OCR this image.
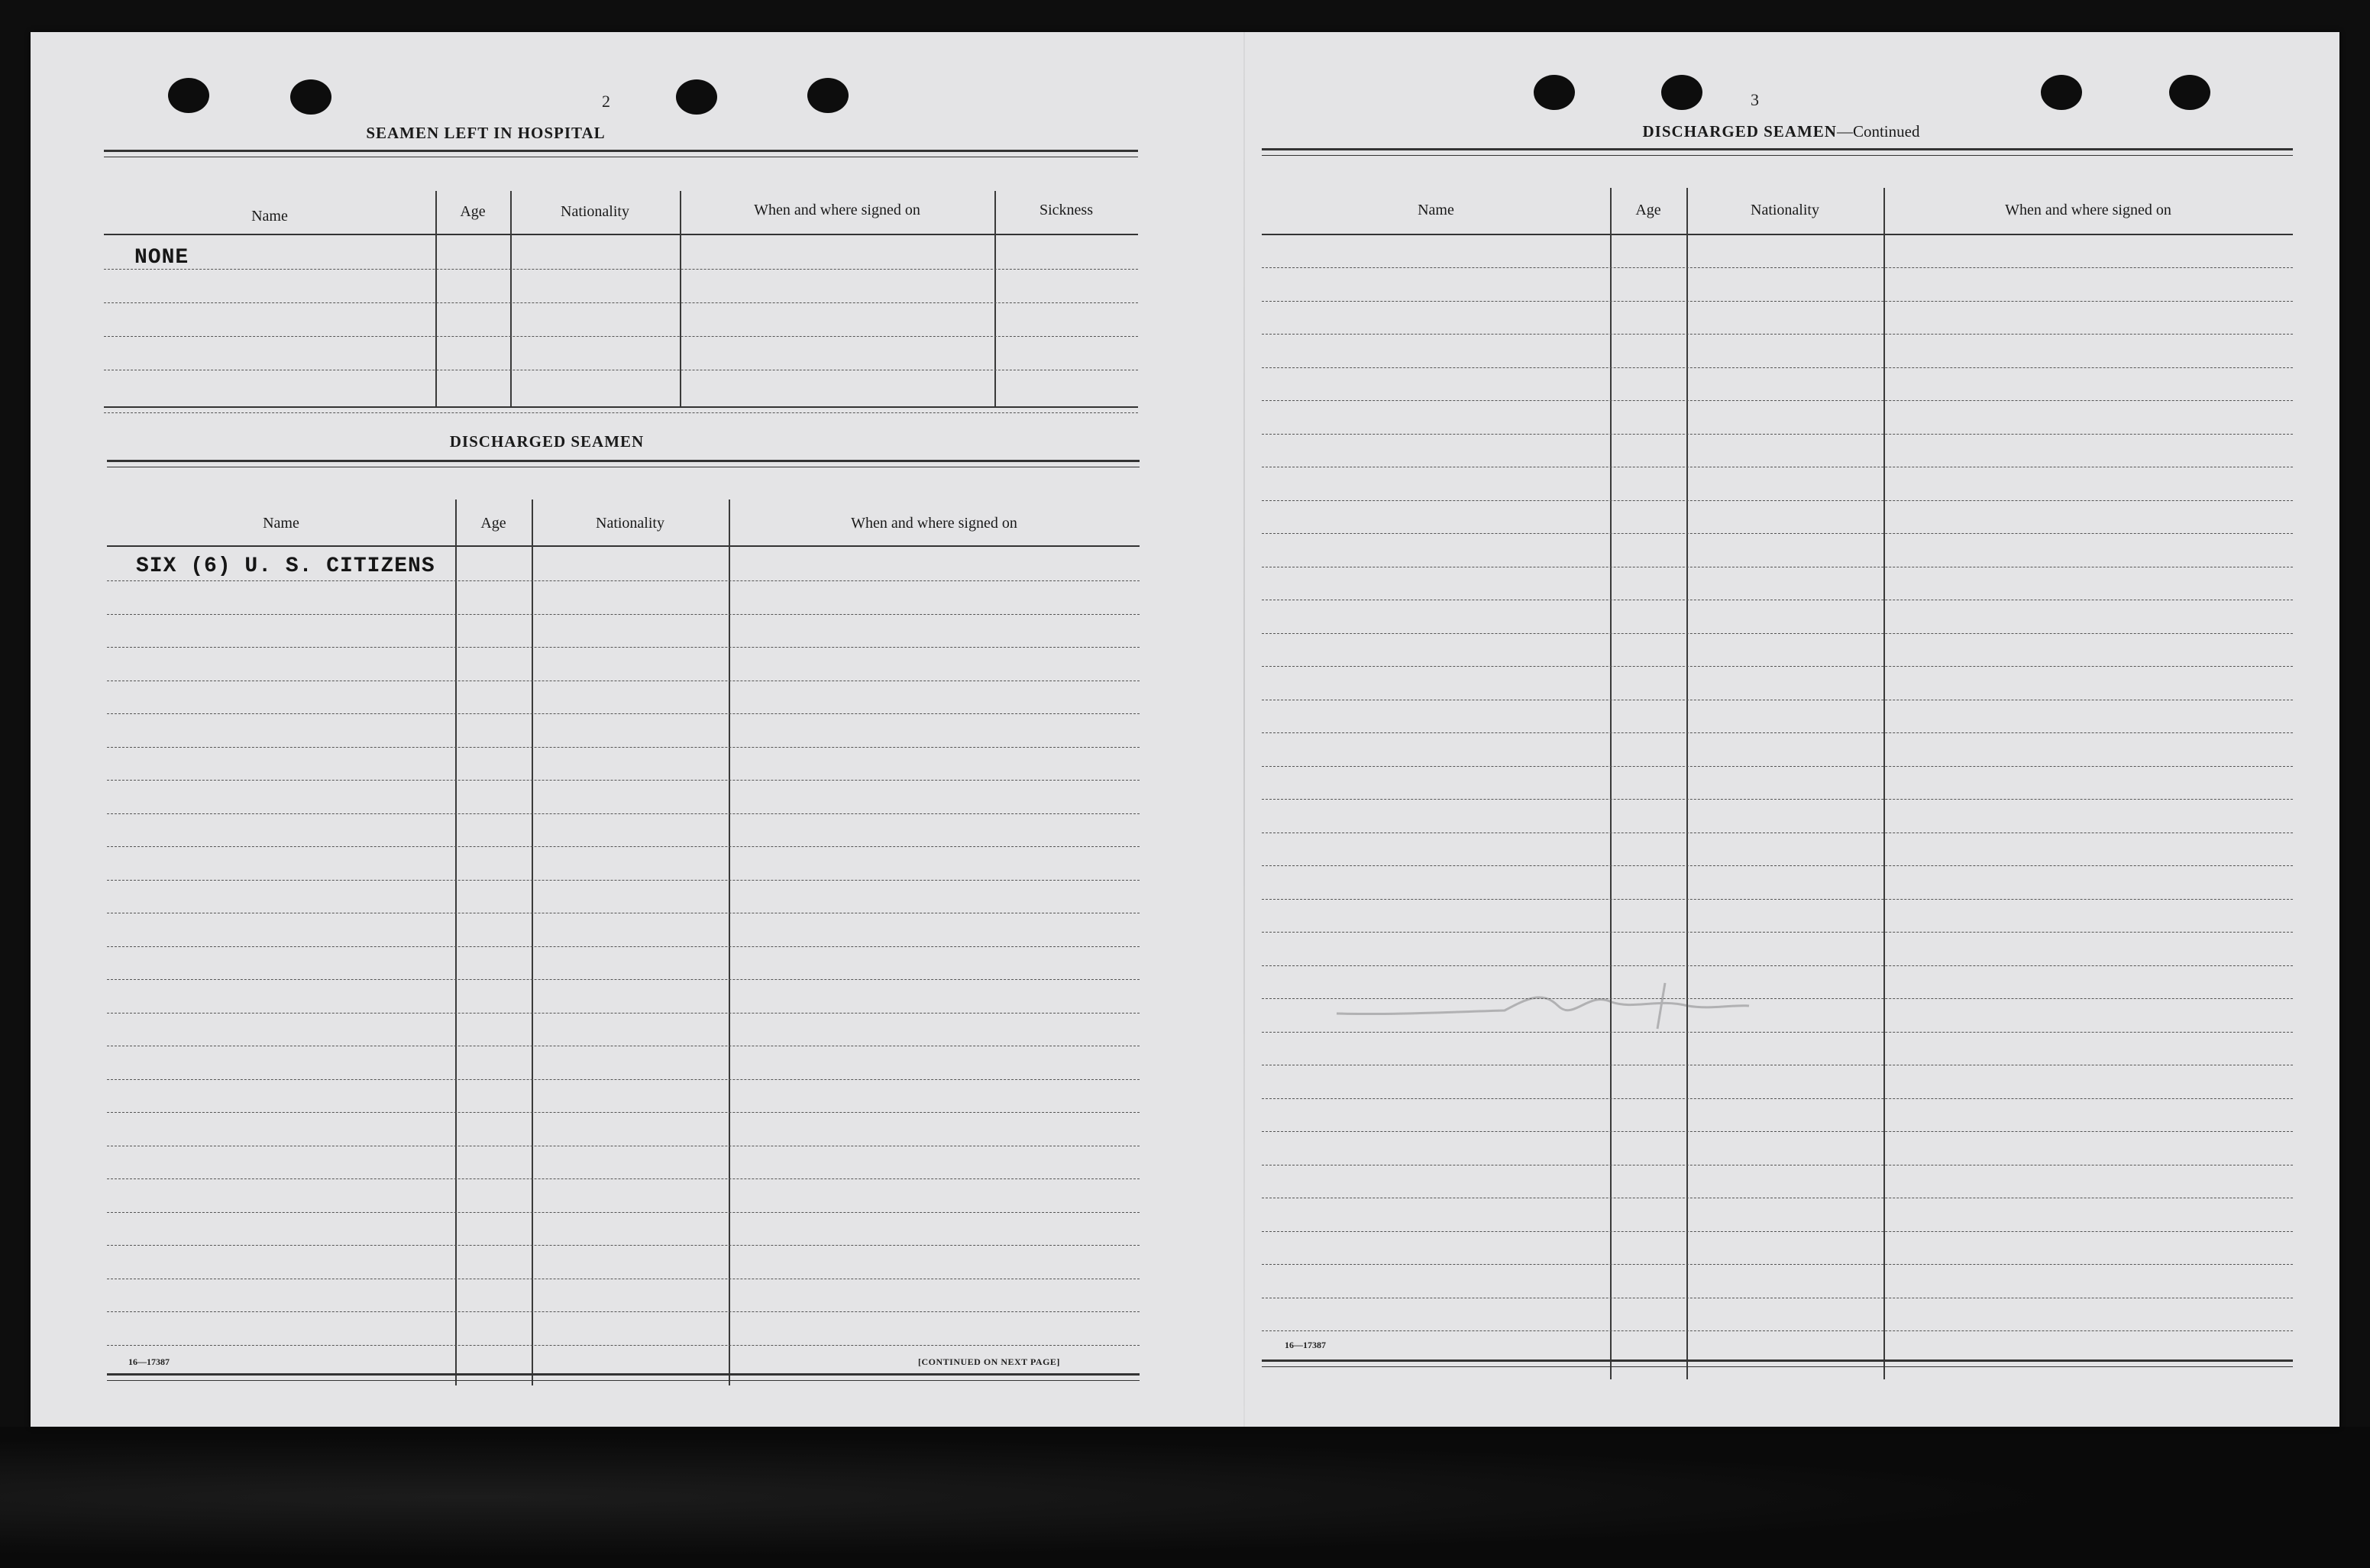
2
SEAMEN LEFT IN HOSPITAL
Name	Age	Nationality	When and where signed on	Sickness
NONE
DISCHARGED SEAMEN
Name	Age	Nationality	When and where signed on
SIX (6) U. S. CITIZENS
16—17387	[CONTINUED ON NEXT PAGE]
3
DISCHARGED SEAMEN—Continued
Name	Age	Nationality	When and where signed on
16—17387
